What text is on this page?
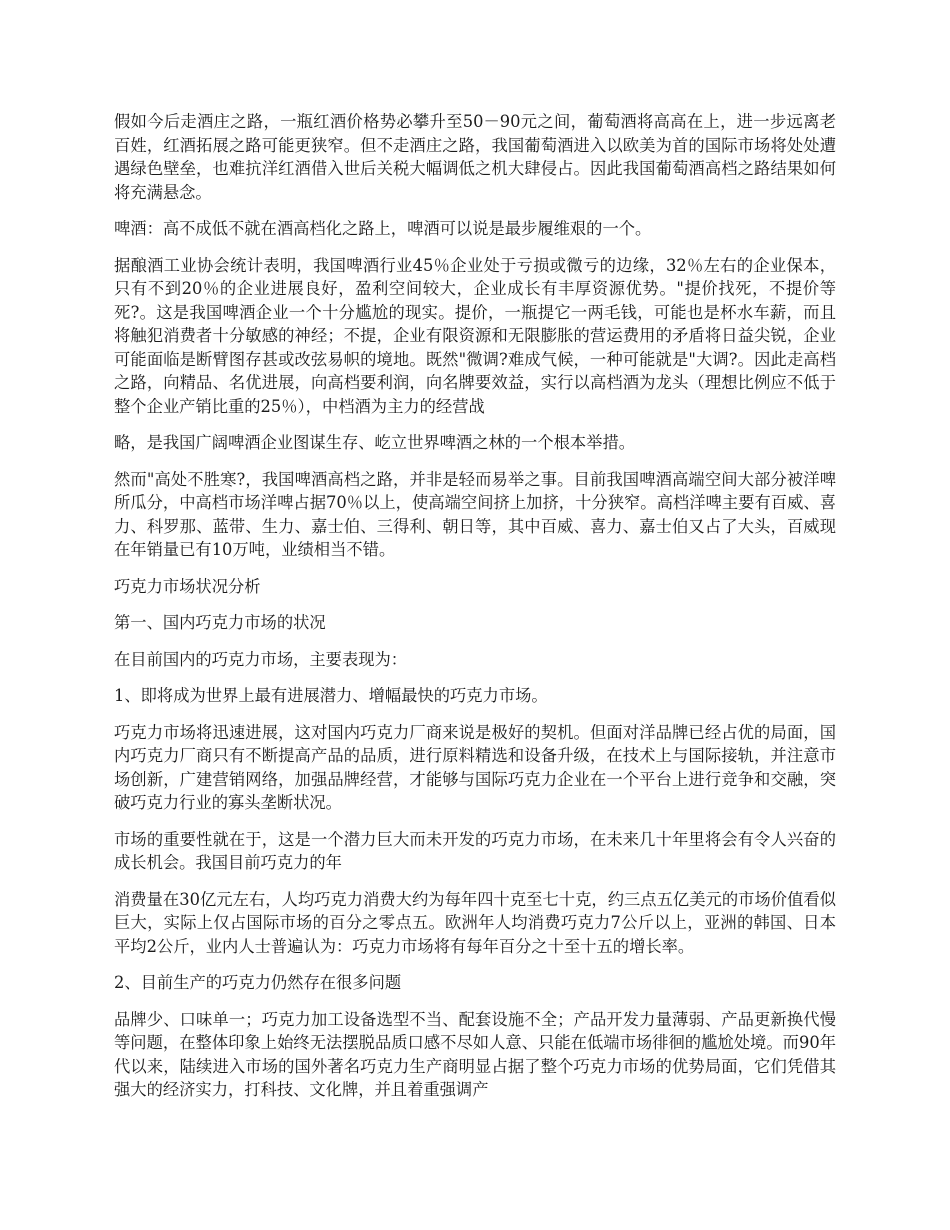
假如今后走酒庄之路，一瓶红酒价格势必攀升至50－90元之间，葡萄酒将高高在上，进一步远离老百姓，红酒拓展之路可能更狭窄。但不走酒庄之路，我国葡萄酒进入以欧美为首的国际市场将处处遭遇绿色壁垒，也难抗洋红酒借入世后关税大幅调低之机大肆侵占。因此我国葡萄酒高档之路结果如何将充满悬念。

啤酒：高不成低不就在酒高档化之路上，啤酒可以说是最步履维艰的一个。

据酿酒工业协会统计表明，我国啤酒行业45％企业处于亏损或微亏的边缘，32％左右的企业保本，只有不到20％的企业进展良好，盈利空间较大，企业成长有丰厚资源优势。"提价找死，不提价等死?。这是我国啤酒企业一个十分尴尬的现实。提价，一瓶提它一两毛钱，可能也是杯水车薪，而且将触犯消费者十分敏感的神经；不提，企业有限资源和无限膨胀的营运费用的矛盾将日益尖锐，企业可能面临是断臂图存甚或改弦易帜的境地。既然"微调?难成气候，一种可能就是"大调?。因此走高档之路，向精品、名优进展，向高档要利润，向名牌要效益，实行以高档酒为龙头（理想比例应不低于整个企业产销比重的25％），中档酒为主力的经营战

略，是我国广阔啤酒企业图谋生存、屹立世界啤酒之林的一个根本举措。

然而"高处不胜寒?，我国啤酒高档之路，并非是轻而易举之事。目前我国啤酒高端空间大部分被洋啤所瓜分，中高档市场洋啤占据70％以上，使高端空间挤上加挤，十分狭窄。高档洋啤主要有百威、喜力、科罗那、蓝带、生力、嘉士伯、三得利、朝日等，其中百威、喜力、嘉士伯又占了大头，百威现在年销量已有10万吨，业绩相当不错。

巧克力市场状况分析

第一、国内巧克力市场的状况

在目前国内的巧克力市场，主要表现为：

1、即将成为世界上最有进展潜力、增幅最快的巧克力市场。

巧克力市场将迅速进展，这对国内巧克力厂商来说是极好的契机。但面对洋品牌已经占优的局面，国内巧克力厂商只有不断提高产品的品质，进行原料精选和设备升级，在技术上与国际接轨，并注意市场创新，广建营销网络，加强品牌经营，才能够与国际巧克力企业在一个平台上进行竞争和交融，突破巧克力行业的寡头垄断状况。

市场的重要性就在于，这是一个潜力巨大而未开发的巧克力市场，在未来几十年里将会有令人兴奋的成长机会。我国目前巧克力的年

消费量在30亿元左右，人均巧克力消费大约为每年四十克至七十克，约三点五亿美元的市场价值看似巨大，实际上仅占国际市场的百分之零点五。欧洲年人均消费巧克力7公斤以上，亚洲的韩国、日本平均2公斤，业内人士普遍认为：巧克力市场将有每年百分之十至十五的增长率。

2、目前生产的巧克力仍然存在很多问题

品牌少、口味单一；巧克力加工设备选型不当、配套设施不全；产品开发力量薄弱、产品更新换代慢等问题，在整体印象上始终无法摆脱品质口感不尽如人意、只能在低端市场徘徊的尴尬处境。而90年代以来，陆续进入市场的国外著名巧克力生产商明显占据了整个巧克力市场的优势局面，它们凭借其强大的经济实力，打科技、文化牌，并且着重强调产
